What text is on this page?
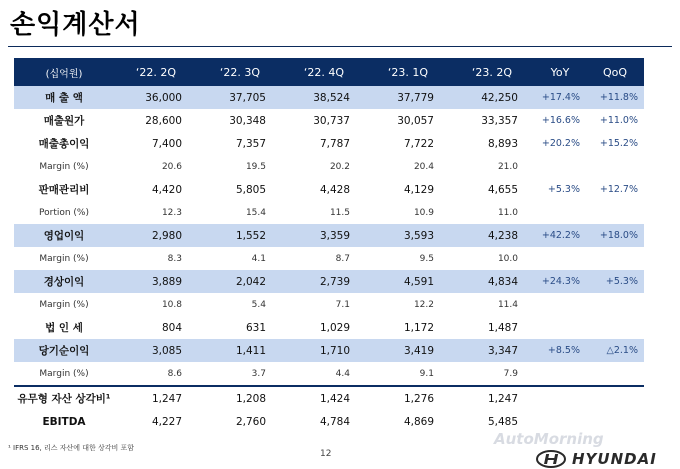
손익계산서
(십억원)	‘22. 2Q	‘22. 3Q	‘22. 4Q	‘23. 1Q	‘23. 2Q	YoY	QoQ
매 출 액	36,000	37,705	38,524	37,779	42,250	+17.4%	+11.8%
매출원가	28,600	30,348	30,737	30,057	33,357	+16.6%	+11.0%
매출총이익	7,400	7,357	7,787	7,722	8,893	+20.2%	+15.2%
Margin (%)	20.6	19.5	20.2	20.4	21.0		
판매관리비	4,420	5,805	4,428	4,129	4,655	+5.3%	+12.7%
Portion (%)	12.3	15.4	11.5	10.9	11.0		
영업이익	2,980	1,552	3,359	3,593	4,238	+42.2%	+18.0%
Margin (%)	8.3	4.1	8.7	9.5	10.0		
경상이익	3,889	2,042	2,739	4,591	4,834	+24.3%	+5.3%
Margin (%)	10.8	5.4	7.1	12.2	11.4		
법 인 세	804	631	1,029	1,172	1,487		
당기순이익	3,085	1,411	1,710	3,419	3,347	+8.5%	△2.1%
Margin (%)	8.6	3.7	4.4	9.1	7.9		
유무형 자산 상각비¹	1,247	1,208	1,424	1,276	1,247		
EBITDA	4,227	2,760	4,784	4,869	5,485		
¹ IFRS 16, 리스 자산에 대한 상각비 포함
12
AutoMorning
HYUNDAI
